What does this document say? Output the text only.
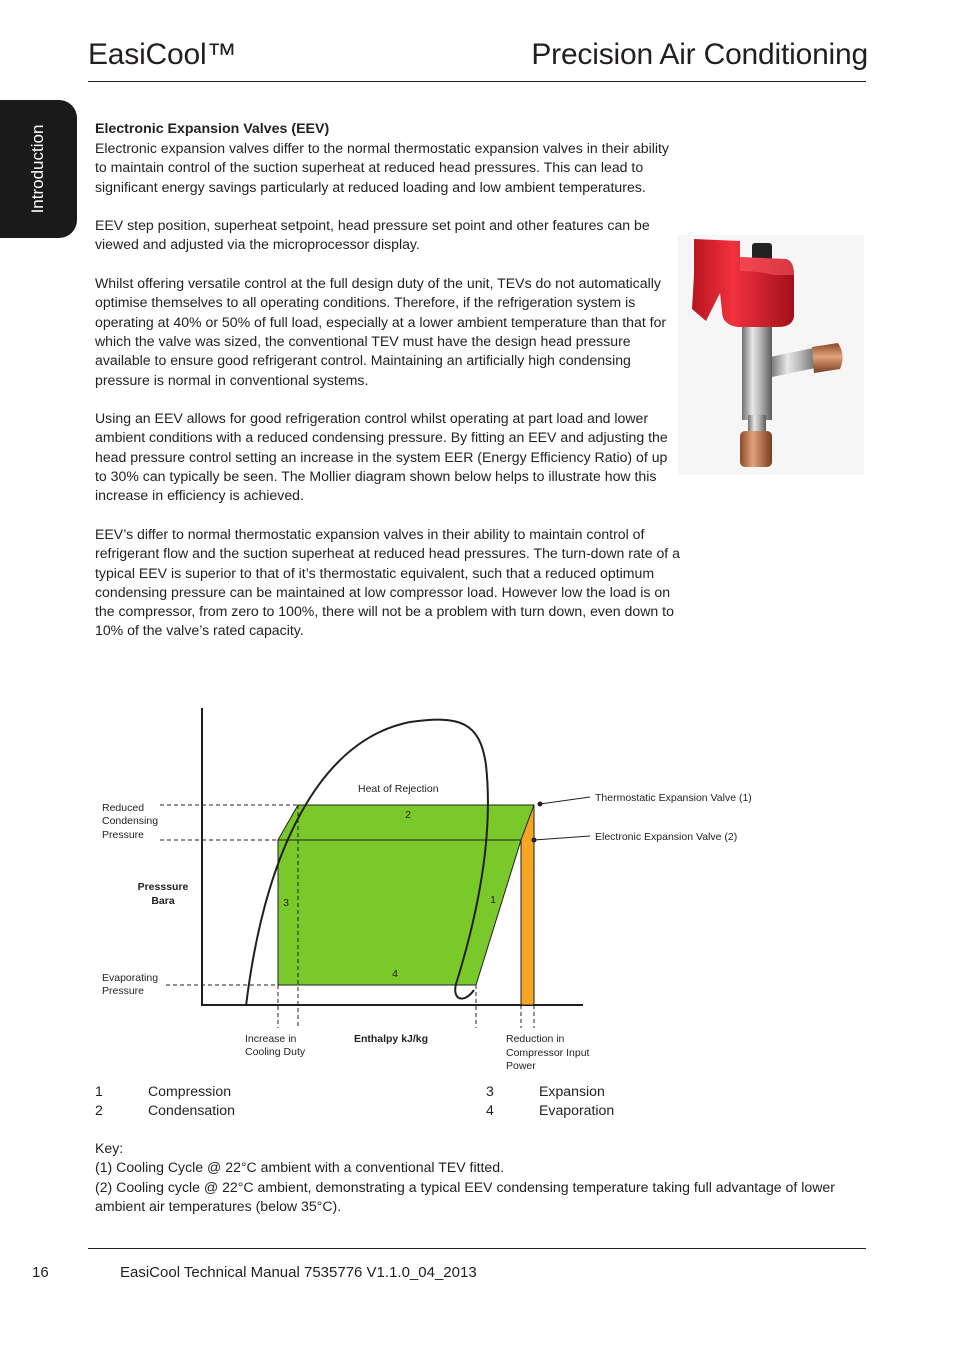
EasiCool™	Precision Air Conditioning
Introduction	Electronic Expansion Valves (EEV)

Electronic expansion valves differ to the normal thermostatic expansion valves in their ability to maintain control of the suction superheat at reduced head pressures. This can lead to significant energy savings particularly at reduced loading and low ambient temperatures.

EEV step position, superheat setpoint, head pressure set point and other features can be viewed and adjusted via the microprocessor display.

Whilst offering versatile control at the full design duty of the unit, TEVs do not automatically optimise themselves to all operating conditions. Therefore, if the refrigeration system is operating at 40% or 50% of full load, especially at a lower ambient temperature than that for which the valve was sized, the conventional TEV must have the design head pressure available to ensure good refrigerant control. Maintaining an artificially high condensing pressure is normal in conventional systems.

Using an EEV allows for good refrigeration control whilst operating at part load and lower ambient conditions with a reduced condensing pressure. By fitting an EEV and adjusting the head pressure control setting an increase in the system EER (Energy Efficiency Ratio) of up to 30% can typically be seen. The Mollier diagram shown below helps to illustrate how this increase in efficiency is achieved.

EEV’s differ to normal thermostatic expansion valves in their ability to maintain control of refrigerant flow and the suction superheat at reduced head pressures. The turn-down rate of a typical EEV is superior to that of it’s thermostatic equivalent, such that a reduced optimum condensing pressure can be maintained at low compressor load. However low the load is on the compressor, from zero to 100%, there will not be a problem with turn down, even down to 10% of the valve’s rated capacity.

Heat of Rejection
Reduced
Condensing
Pressure
Presssure
Bara
Evaporating
Pressure
Thermostatic Expansion Valve (1)
Electronic Expansion Valve (2)
Increase in
Cooling Duty
Enthalpy kJ/kg	Reduction in
Compressor Input
Power
2
3	1
4
1	Compression
2	Condensation
3	Expansion
4	Evaporation

Key:

(1) Cooling Cycle @ 22°C ambient with a conventional TEV fitted.

(2) Cooling cycle @ 22°C ambient, demonstrating a typical EEV condensing temperature taking full advantage of lower ambient air temperatures (below 35°C).

16	EasiCool Technical Manual 7535776 V1.1.0_04_2013
